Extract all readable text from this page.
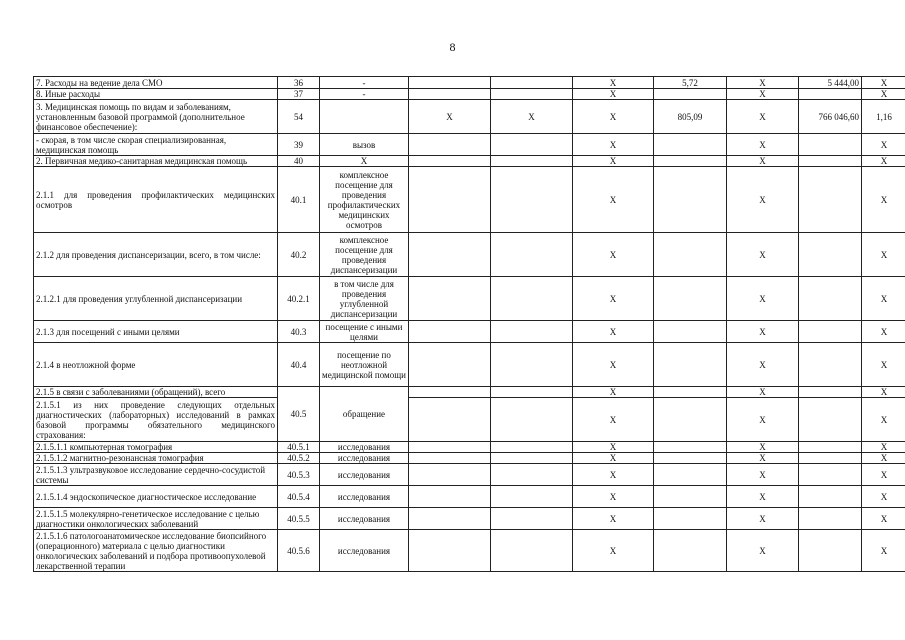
8
7. Расходы на ведение дела СМО	36	-			Х	5,72	Х	5 444,00	Х
8. Иные расходы	37	-			Х		Х		Х
3. Медицинская помощь по видам и заболеваниям, установленным базовой программой (дополнительное финансовое обеспечение):	54		Х	Х	Х	805,09	Х	766 046,60	1,16
- скорая, в том числе скорая специализированная, медицинская помощь	39	вызов			Х		Х		Х
2. Первичная медико-санитарная медицинская помощь	40	Х			Х		Х		Х
2.1.1 для проведения профилактических медицинских осмотров	40.1	комплексное посещение для проведения профилактических медицинских осмотров			Х		Х		Х
2.1.2 для проведения диспансеризации, всего, в том числе:	40.2	комплексное посещение для проведения диспансеризации			Х		Х		Х
2.1.2.1 для проведения углубленной диспансеризации	40.2.1	в том числе для проведения углубленной диспансеризации			Х		Х		Х
2.1.3 для посещений с иными целями	40.3	посещение с иными целями			Х		Х		Х
2.1.4 в неотложной форме	40.4	посещение по неотложной медицинской помощи			Х		Х		Х
2.1.5 в связи с заболеваниями (обращений), всего	40.5	обращение			Х		Х		Х
2.1.5.1 из них проведение следующих отдельных диагностических (лабораторных) исследований в рамках базовой программы обязательного медицинского страхования:					Х		Х		Х
2.1.5.1.1 компьютерная томография	40.5.1	исследования			Х		Х		Х
2.1.5.1.2 магнитно-резонансная томография	40.5.2	исследования			Х		Х		Х
2.1.5.1.3 ультразвуковое исследование сердечно-сосудистой системы	40.5.3	исследования			Х		Х		Х
2.1.5.1.4 эндоскопическое диагностическое исследование	40.5.4	исследования			Х		Х		Х
2.1.5.1.5 молекулярно-генетическое исследование с целью диагностики онкологических заболеваний	40.5.5	исследования			Х		Х		Х
2.1.5.1.6 патологоанатомическое исследование биопсийного (операционного) материала с целью диагностики онкологических заболеваний и подбора противоопухолевой лекарственной терапии	40.5.6	исследования			Х		Х		Х
